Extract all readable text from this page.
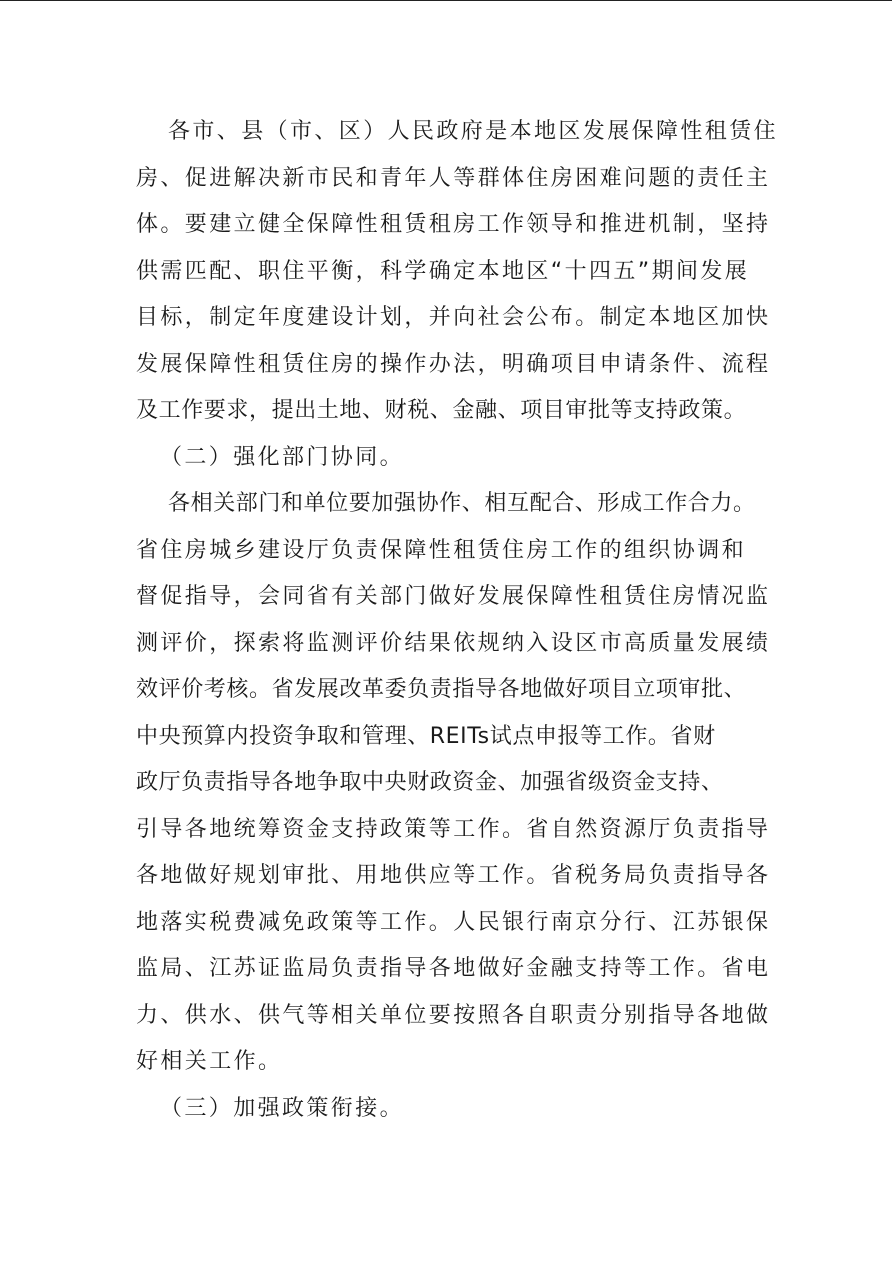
各市、县（市、区）人民政府是本地区发展保障性租赁住
房、促进解决新市民和青年人等群体住房困难问题的责任主
体。要建立健全保障性租赁租房工作领导和推进机制，坚持
供需匹配、职住平衡，科学确定本地区“十四五”期间发展
目标，制定年度建设计划，并向社会公布。制定本地区加快
发展保障性租赁住房的操作办法，明确项目申请条件、流程
及工作要求，提出土地、财税、金融、项目审批等支持政策。
（二）强化部门协同。
各相关部门和单位要加强协作、相互配合、形成工作合力。
省住房城乡建设厅负责保障性租赁住房工作的组织协调和
督促指导，会同省有关部门做好发展保障性租赁住房情况监
测评价，探索将监测评价结果依规纳入设区市高质量发展绩
效评价考核。省发展改革委负责指导各地做好项目立项审批、
中央预算内投资争取和管理、REITs试点申报等工作。省财
政厅负责指导各地争取中央财政资金、加强省级资金支持、
引导各地统筹资金支持政策等工作。省自然资源厅负责指导
各地做好规划审批、用地供应等工作。省税务局负责指导各
地落实税费减免政策等工作。人民银行南京分行、江苏银保
监局、江苏证监局负责指导各地做好金融支持等工作。省电
力、供水、供气等相关单位要按照各自职责分别指导各地做
好相关工作。
（三）加强政策衔接。
